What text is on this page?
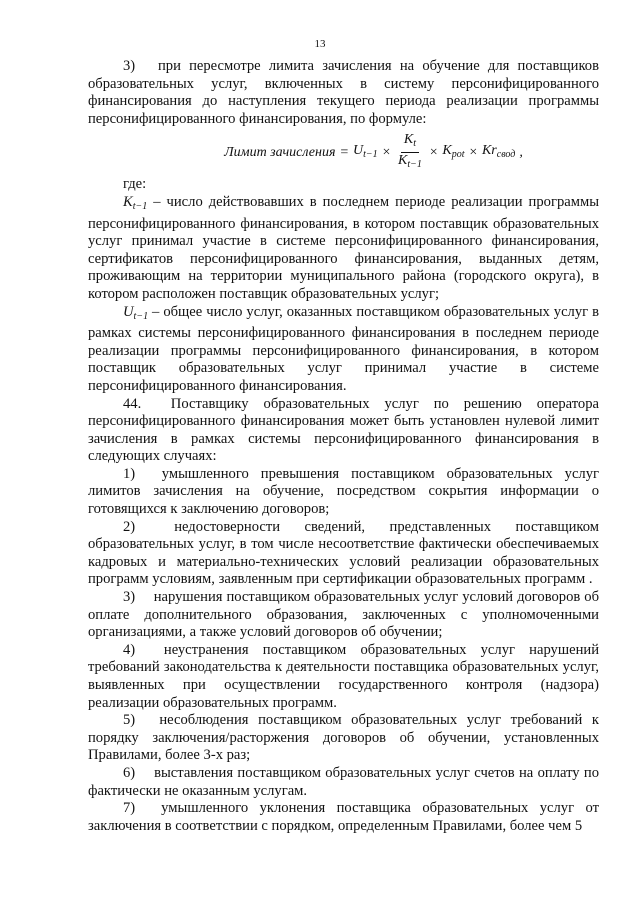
13

3)  при пересмотре лимита зачисления на обучение для поставщиков образовательных услуг, включенных в систему персонифицированного финансирования до наступления текущего периода реализации программы персонифицированного финансирования, по формуле:

Лимит зачисления = $U_{t-1} \times \frac{K_t}{K_{t-1}} \times K_{pot} \times Kr_{свод}$ ,

где:

$K_{t-1}$ – число действовавших в последнем периоде реализации программы персонифицированного финансирования, в котором поставщик образовательных услуг принимал участие в системе персонифицированного финансирования, сертификатов персонифицированного финансирования, выданных детям, проживающим на территории муниципального района (городского округа), в котором расположен поставщик образовательных услуг;

$U_{t-1}$ – общее число услуг, оказанных поставщиком образовательных услуг в рамках системы персонифицированного финансирования в последнем периоде реализации программы персонифицированного финансирования, в котором поставщик образовательных услуг принимал участие в системе персонифицированного финансирования.

44.  Поставщику образовательных услуг по решению оператора персонифицированного финансирования может быть установлен нулевой лимит зачисления в рамках системы персонифицированного финансирования в следующих случаях:

1)  умышленного превышения поставщиком образовательных услуг лимитов зачисления на обучение, посредством сокрытия информации о готовящихся к заключению договоров;

2)  недостоверности сведений, представленных поставщиком образовательных услуг, в том числе несоответствие фактически обеспечиваемых кадровых и материально-технических условий реализации образовательных программ условиям, заявленным при сертификации образовательных программ .

3)  нарушения поставщиком образовательных услуг условий договоров об оплате дополнительного образования, заключенных с уполномоченными организациями, а также условий договоров об обучении;

4)  неустранения поставщиком образовательных услуг нарушений требований законодательства к деятельности поставщика образовательных услуг, выявленных при осуществлении государственного контроля (надзора) реализации образовательных программ.

5)  несоблюдения поставщиком образовательных услуг требований к порядку заключения/расторжения договоров об обучении, установленных Правилами, более 3-х раз;

6)  выставления поставщиком образовательных услуг счетов на оплату по фактически не оказанным услугам.

7)  умышленного уклонения поставщика образовательных услуг от заключения в соответствии с порядком, определенным Правилами, более чем 5
